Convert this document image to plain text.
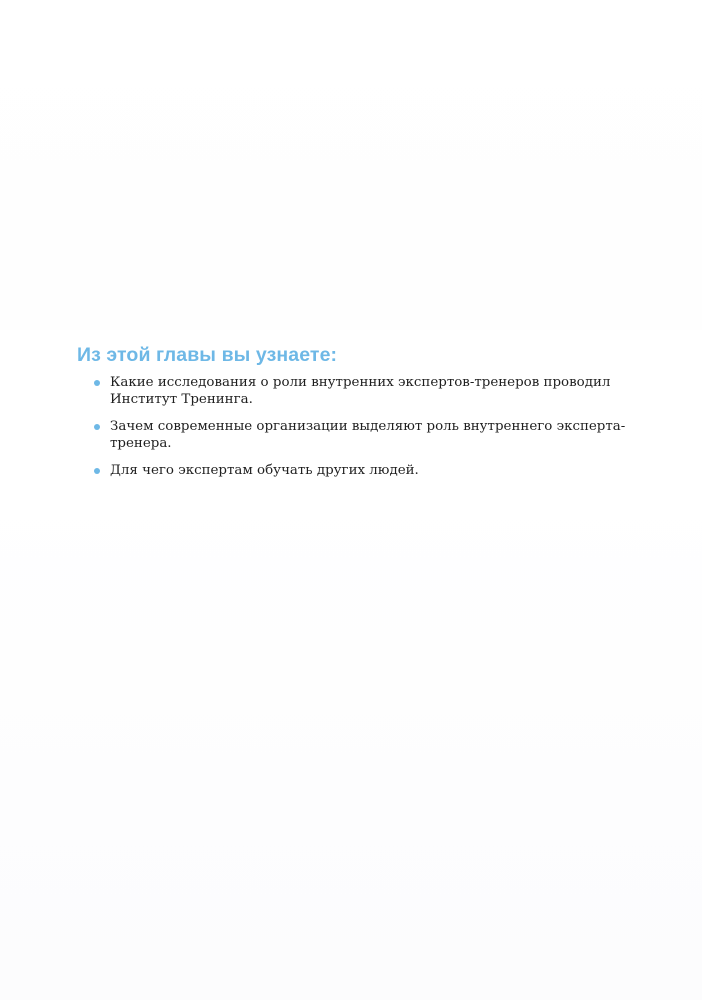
Из этой главы вы узнаете:
Какие исследования о роли внутренних экспертов-тренеров проводил Институт Тренинга.
Зачем современные организации выделяют роль внутреннего эксперта-тренера.
Для чего экспертам обучать других людей.
